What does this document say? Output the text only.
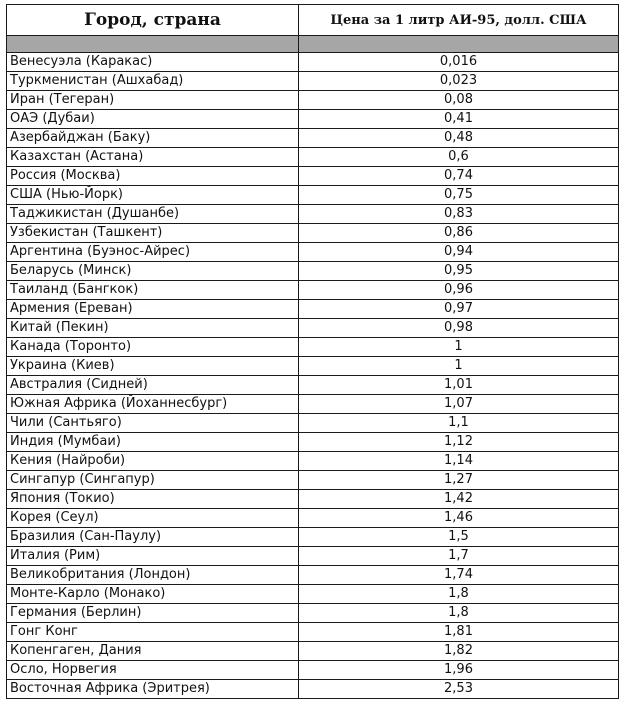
Город, страна	Цена за 1 литр АИ-95, долл. США

Венесуэла (Каракас)	0,016
Туркменистан (Ашхабад)	0,023
Иран (Тегеран)	0,08
ОАЭ (Дубаи)	0,41
Азербайджан (Баку)	0,48
Казахстан (Астана)	0,6
Россия (Москва)	0,74
США (Нью-Йорк)	0,75
Таджикистан (Душанбе)	0,83
Узбекистан (Ташкент)	0,86
Аргентина (Буэнос-Айрес)	0,94
Беларусь (Минск)	0,95
Таиланд (Бангкок)	0,96
Армения (Ереван)	0,97
Китай (Пекин)	0,98
Канада (Торонто)	1
Украина (Киев)	1
Австралия (Сидней)	1,01
Южная Африка (Йоханнесбург)	1,07
Чили (Сантьяго)	1,1
Индия (Мумбаи)	1,12
Кения (Найроби)	1,14
Сингапур (Сингапур)	1,27
Япония (Токио)	1,42
Корея (Сеул)	1,46
Бразилия (Сан-Паулу)	1,5
Италия (Рим)	1,7
Великобритания (Лондон)	1,74
Монте-Карло (Монако)	1,8
Германия (Берлин)	1,8
Гонг Конг	1,81
Копенгаген, Дания	1,82
Осло, Норвегия	1,96
Восточная Африка (Эритрея)	2,53
